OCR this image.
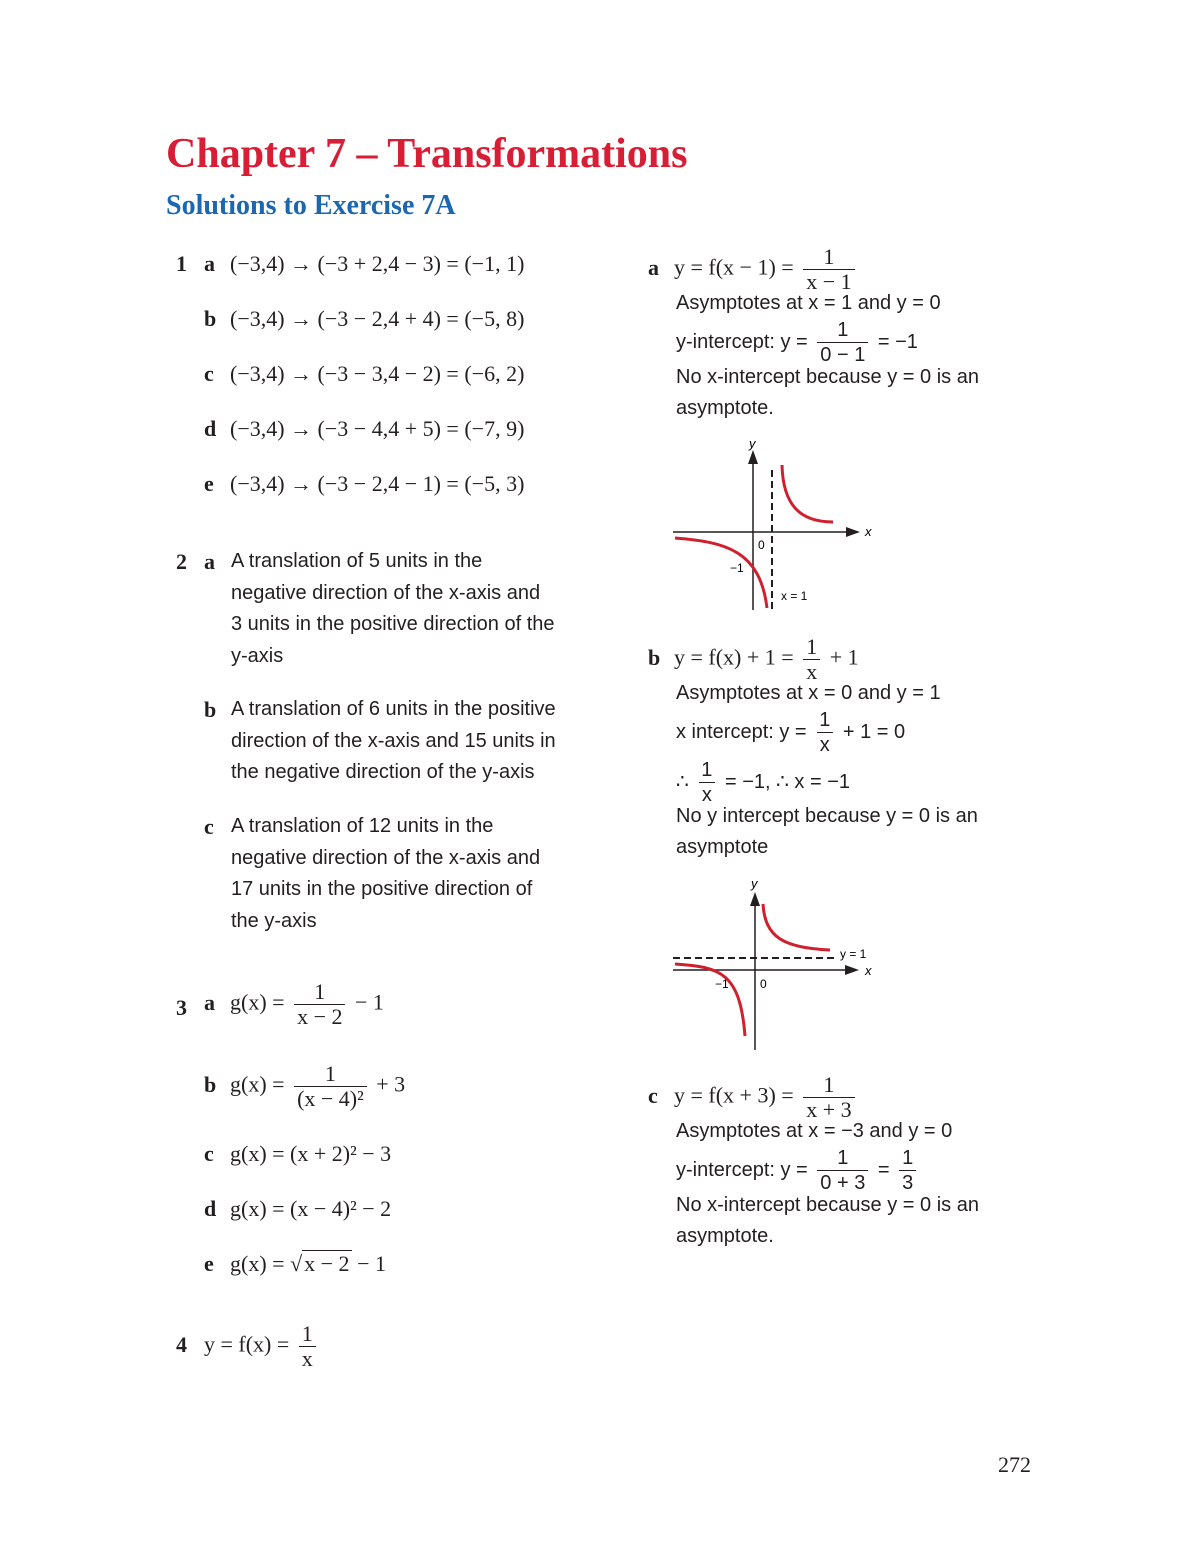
Chapter 7 – Transformations
Solutions to Exercise 7A
1 a (−3,4) → (−3 + 2,4 − 3) = (−1, 1)
b (−3,4) → (−3 − 2,4 + 4) = (−5, 8)
c (−3,4) → (−3 − 3,4 − 2) = (−6, 2)
d (−3,4) → (−3 − 4,4 + 5) = (−7, 9)
e (−3,4) → (−3 − 2,4 − 1) = (−5, 3)
2 a A translation of 5 units in the
negative direction of the x-axis and
3 units in the positive direction of the
y-axis
b A translation of 6 units in the positive
direction of the x-axis and 15 units in
the negative direction of the y-axis
c A translation of 12 units in the
negative direction of the x-axis and
17 units in the positive direction of
the y-axis
3 a $g(x) = \frac{1}{x - 2} - 1$
b $g(x) = \frac{1}{\text{(x − 4)²}} + 3$
c g(x) = (x + 2)² − 3
d g(x) = (x − 4)² − 2
e g(x) = √x − 2 − 1
4 $y = f(x) = \frac{1}{x}$
a $y = f(x - 1) = \frac{1}{x - 1}$
Asymptotes at x = 1 and y = 0
y-intercept: $y = \frac{1}{0 - 1} = -1$
No x-intercept because y = 0 is an
asymptote.
y
x
0
−1
x = 1
b $y = f(x) + 1 = \frac{1}{x} + 1$
Asymptotes at x = 0 and y = 1
x intercept: $y = \frac{1}{x} + 1 = 0$
∴ $\frac{1}{x} = -1$, ∴ x = −1
No y intercept because y = 0 is an
asymptote
y
x
0
−1
y = 1
c $y = f(x + 3) = \frac{1}{x + 3}$
Asymptotes at x = −3 and y = 0
y-intercept: $y = \frac{1}{0 + 3} = \frac{1}{3}$
No x-intercept because y = 0 is an
asymptote.
272
